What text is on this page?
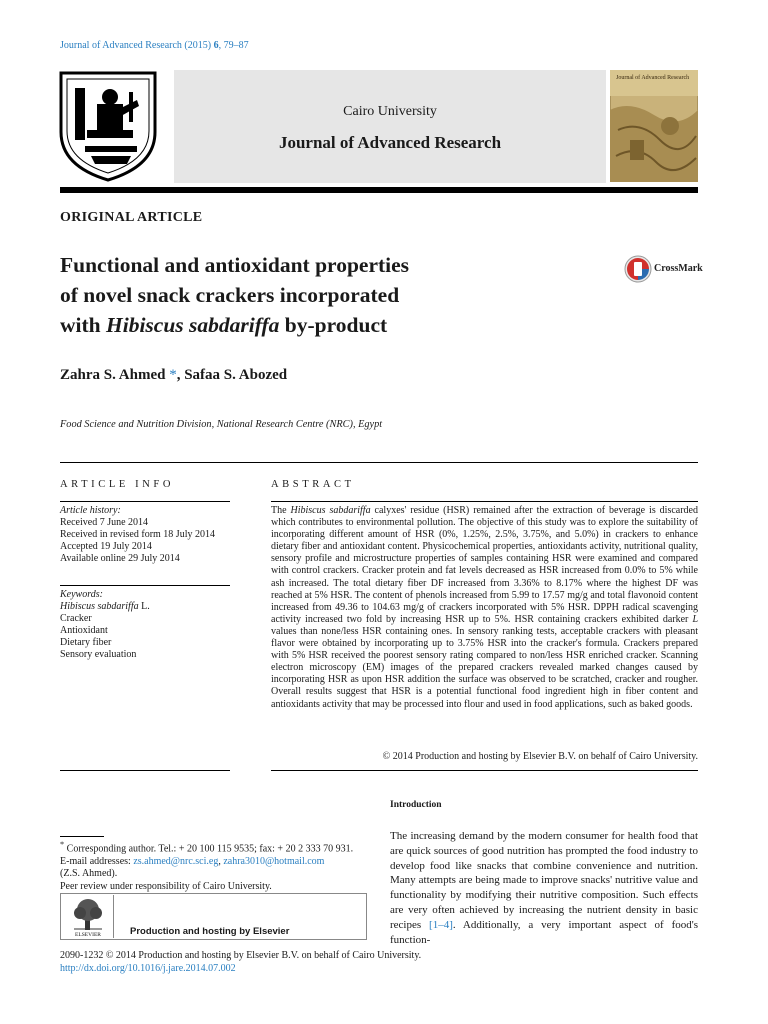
Journal of Advanced Research (2015) 6, 79–87
Cairo University
Journal of Advanced Research
Journal of Advanced Research
ORIGINAL ARTICLE
Functional and antioxidant properties
of novel snack crackers incorporated
with Hibiscus sabdariffa by-product
CrossMark
Zahra S. Ahmed *, Safaa S. Abozed
Food Science and Nutrition Division, National Research Centre (NRC), Egypt
ARTICLE INFO	ABSTRACT
Article history:
Received 7 June 2014
Received in revised form 18 July 2014
Accepted 19 July 2014
Available online 29 July 2014
Keywords:
Hibiscus sabdariffa L.
Cracker
Antioxidant
Dietary fiber
Sensory evaluation
The Hibiscus sabdariffa calyxes' residue (HSR) remained after the extraction of beverage is discarded which contributes to environmental pollution. The objective of this study was to explore the suitability of incorporating different amount of HSR (0%, 1.25%, 2.5%, 3.75%, and 5.0%) in crackers to enhance dietary fiber and antioxidant content. Physicochemical properties, antioxidants activity, nutritional quality, sensory profile and microstructure properties of samples containing HSR were examined and compared with control crackers. Cracker protein and fat levels decreased as HSR increased from 0.0% to 5% while ash increased. The total dietary fiber DF increased from 3.36% to 8.17% where the highest DF was reached at 5% HSR. The content of phenols increased from 5.99 to 17.57 mg/g and total flavonoid content increased from 49.36 to 104.63 mg/g of crackers incorporated with 5% HSR. DPPH radical scavenging activity increased two fold by increasing HSR up to 5%. HSR containing crackers exhibited darker L values than none/less HSR containing ones. In sensory ranking tests, acceptable crackers with pleasant flavor were obtained by incorporating up to 3.75% HSR into the cracker's formula. Crackers prepared with 5% HSR received the poorest sensory rating compared to non/less HSR enriched cracker. Scanning electron microscopy (EM) images of the prepared crackers revealed marked changes caused by incorporating HSR as upon HSR addition the surface was observed to be scratched, cracker and rougher. Overall results suggest that HSR is a potential functional food ingredient high in fiber content and antioxidants activity that may be processed into flour and used in food applications, such as baked goods.
© 2014 Production and hosting by Elsevier B.V. on behalf of Cairo University.
Introduction
The increasing demand by the modern consumer for health food that are quick sources of good nutrition has prompted the food industry to develop food like snacks that combine convenience and nutrition. Many attempts are being made to improve snacks' nutritive value and functionality by modifying their nutritive composition. Such effects are very often achieved by increasing the nutrient density in basic recipes [1–4]. Additionally, a very important aspect of food's function-
* Corresponding author. Tel.: + 20 100 115 9535; fax: + 20 2 333 70 931.
E-mail addresses: zs.ahmed@nrc.sci.eg, zahra3010@hotmail.com
(Z.S. Ahmed).
Peer review under responsibility of Cairo University.
ELSEVIER	Production and hosting by Elsevier
2090-1232 © 2014 Production and hosting by Elsevier B.V. on behalf of Cairo University.
http://dx.doi.org/10.1016/j.jare.2014.07.002
